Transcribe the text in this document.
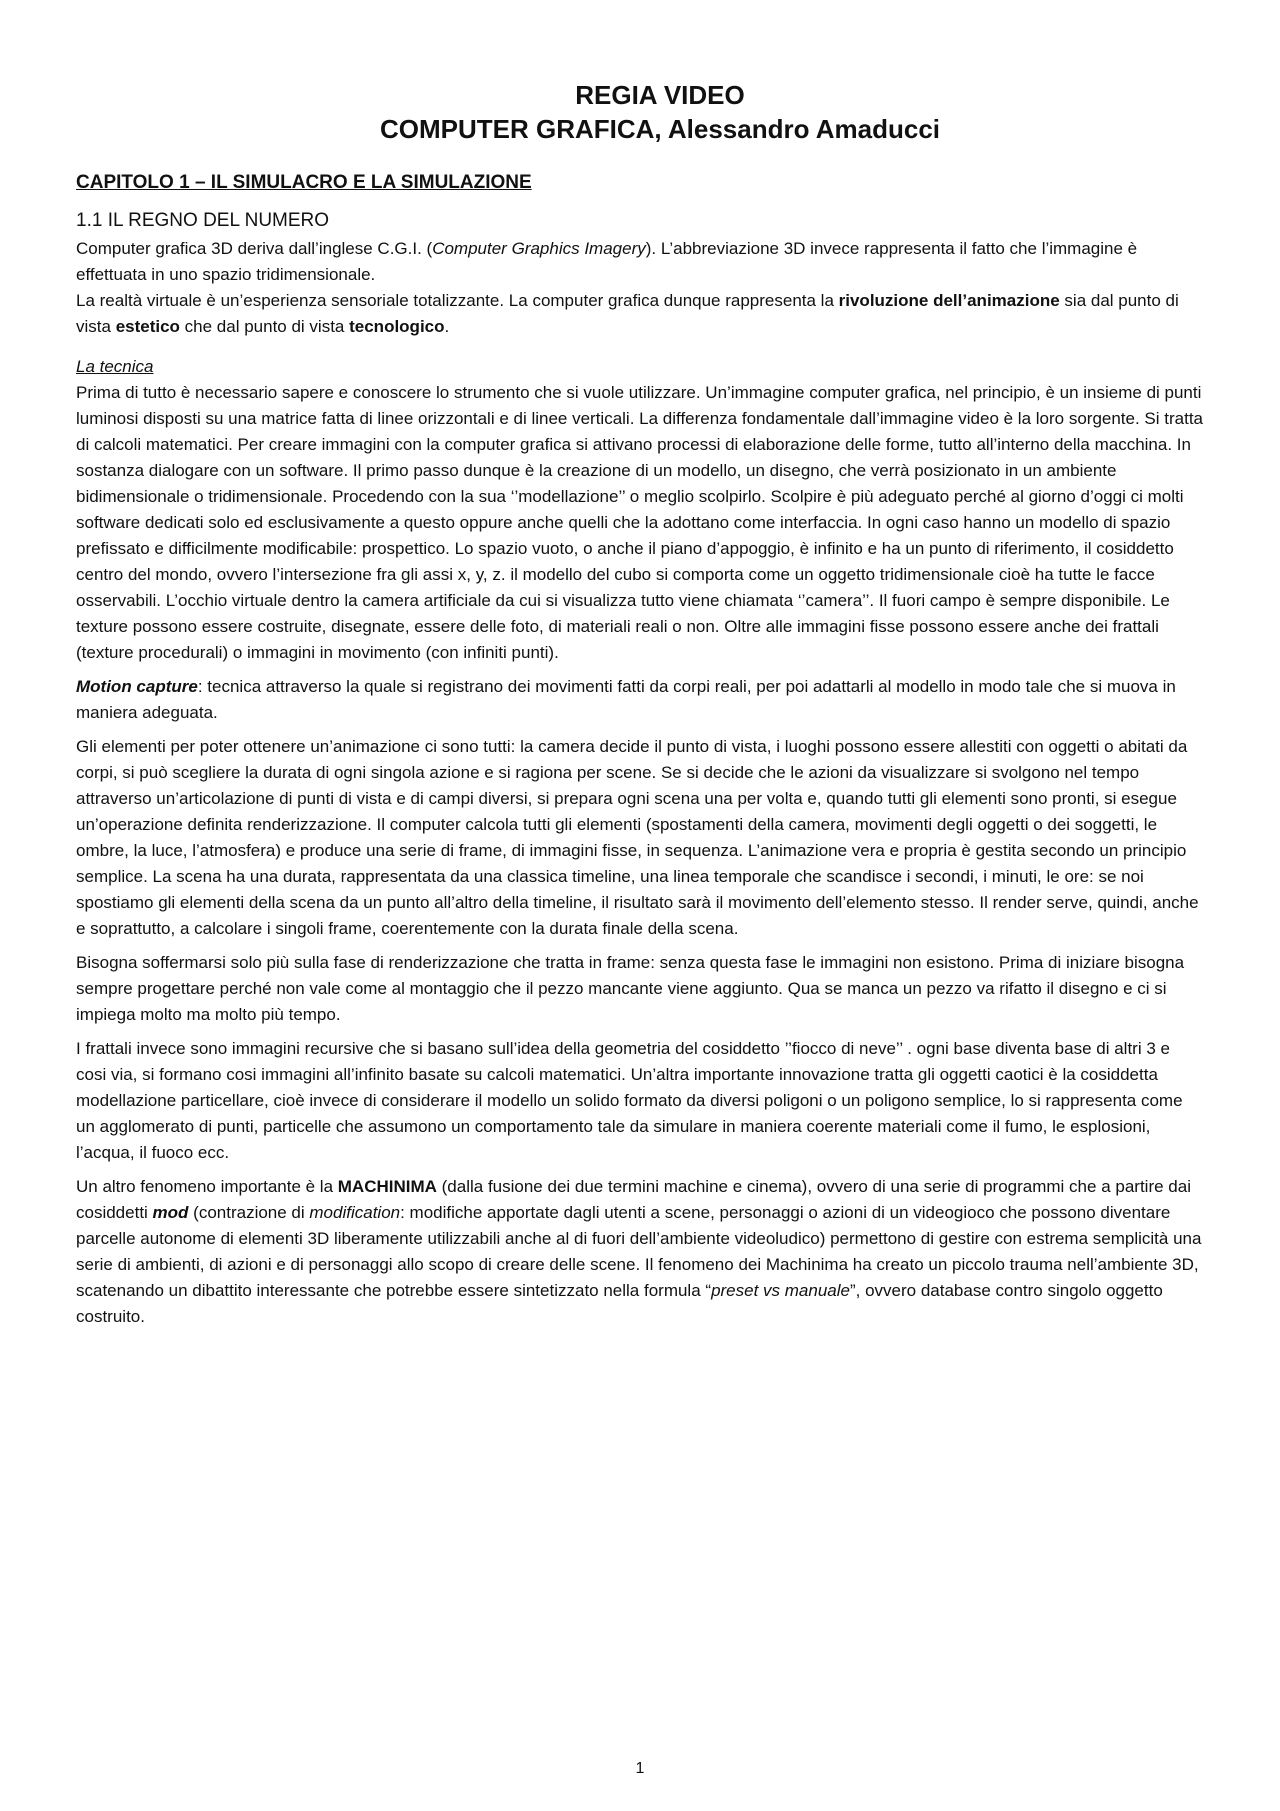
REGIA VIDEO
COMPUTER GRAFICA, Alessandro Amaducci
CAPITOLO 1 – IL SIMULACRO E LA SIMULAZIONE
1.1 IL REGNO DEL NUMERO

Computer grafica 3D deriva dall’inglese C.G.I. (Computer Graphics Imagery). L’abbreviazione 3D invece rappresenta il fatto che l’immagine è effettuata in uno spazio tridimensionale.

La realtà virtuale è un’esperienza sensoriale totalizzante. La computer grafica dunque rappresenta la rivoluzione dell’animazione sia dal punto di vista estetico che dal punto di vista tecnologico.

La tecnica

Prima di tutto è necessario sapere e conoscere lo strumento che si vuole utilizzare. Un’immagine computer grafica, nel principio, è un insieme di punti luminosi disposti su una matrice fatta di linee orizzontali e di linee verticali. La differenza fondamentale dall’immagine video è la loro sorgente. Si tratta di calcoli matematici. Per creare immagini con la computer grafica si attivano processi di elaborazione delle forme, tutto all’interno della macchina. In sostanza dialogare con un software. Il primo passo dunque è la creazione di un modello, un disegno, che verrà posizionato in un ambiente bidimensionale o tridimensionale. Procedendo con la sua ‘’modellazione’’ o meglio scolpirlo. Scolpire è più adeguato perché al giorno d’oggi ci molti software dedicati solo ed esclusivamente a questo oppure anche quelli che la adottano come interfaccia. In ogni caso hanno un modello di spazio prefissato e difficilmente modificabile: prospettico. Lo spazio vuoto, o anche il piano d’appoggio, è infinito e ha un punto di riferimento, il cosiddetto centro del mondo, ovvero l’intersezione fra gli assi x, y, z. il modello del cubo si comporta come un oggetto tridimensionale cioè ha tutte le facce osservabili. L’occhio virtuale dentro la camera artificiale da cui si visualizza tutto viene chiamata ‘’camera’’. Il fuori campo è sempre disponibile. Le texture possono essere costruite, disegnate, essere delle foto, di materiali reali o non. Oltre alle immagini fisse possono essere anche dei frattali (texture procedurali) o immagini in movimento (con infiniti punti).

Motion capture: tecnica attraverso la quale si registrano dei movimenti fatti da corpi reali, per poi adattarli al modello in modo tale che si muova in maniera adeguata.

Gli elementi per poter ottenere un’animazione ci sono tutti: la camera decide il punto di vista, i luoghi possono essere allestiti con oggetti o abitati da corpi, si può scegliere la durata di ogni singola azione e si ragiona per scene. Se si decide che le azioni da visualizzare si svolgono nel tempo attraverso un’articolazione di punti di vista e di campi diversi, si prepara ogni scena una per volta e, quando tutti gli elementi sono pronti, si esegue un’operazione definita renderizzazione. Il computer calcola tutti gli elementi (spostamenti della camera, movimenti degli oggetti o dei soggetti, le ombre, la luce, l’atmosfera) e produce una serie di frame, di immagini fisse, in sequenza. L’animazione vera e propria è gestita secondo un principio semplice. La scena ha una durata, rappresentata da una classica timeline, una linea temporale che scandisce i secondi, i minuti, le ore: se noi spostiamo gli elementi della scena da un punto all’altro della timeline, il risultato sarà il movimento dell’elemento stesso. Il render serve, quindi, anche e soprattutto, a calcolare i singoli frame, coerentemente con la durata finale della scena.

Bisogna soffermarsi solo più sulla fase di renderizzazione che tratta in frame: senza questa fase le immagini non esistono. Prima di iniziare bisogna sempre progettare perché non vale come al montaggio che il pezzo mancante viene aggiunto. Qua se manca un pezzo va rifatto il disegno e ci si impiega molto ma molto più tempo.

I frattali invece sono immagini recursive che si basano sull’idea della geometria del cosiddetto ’’fiocco di neve’’ . ogni base diventa base di altri 3 e cosi via, si formano cosi immagini all’infinito basate su calcoli matematici. Un’altra importante innovazione tratta gli oggetti caotici è la cosiddetta modellazione particellare, cioè invece di considerare il modello un solido formato da diversi poligoni o un poligono semplice, lo si rappresenta come un agglomerato di punti, particelle che assumono un comportamento tale da simulare in maniera coerente materiali come il fumo, le esplosioni, l’acqua, il fuoco ecc.

Un altro fenomeno importante è la MACHINIMA (dalla fusione dei due termini machine e cinema), ovvero di una serie di programmi che a partire dai cosiddetti mod (contrazione di modification: modifiche apportate dagli utenti a scene, personaggi o azioni di un videogioco che possono diventare parcelle autonome di elementi 3D liberamente utilizzabili anche al di fuori dell’ambiente videoludico) permettono di gestire con estrema semplicità una serie di ambienti, di azioni e di personaggi allo scopo di creare delle scene. Il fenomeno dei Machinima ha creato un piccolo trauma nell’ambiente 3D, scatenando un dibattito interessante che potrebbe essere sintetizzato nella formula “preset vs manuale”, ovvero database contro singolo oggetto costruito.

1
